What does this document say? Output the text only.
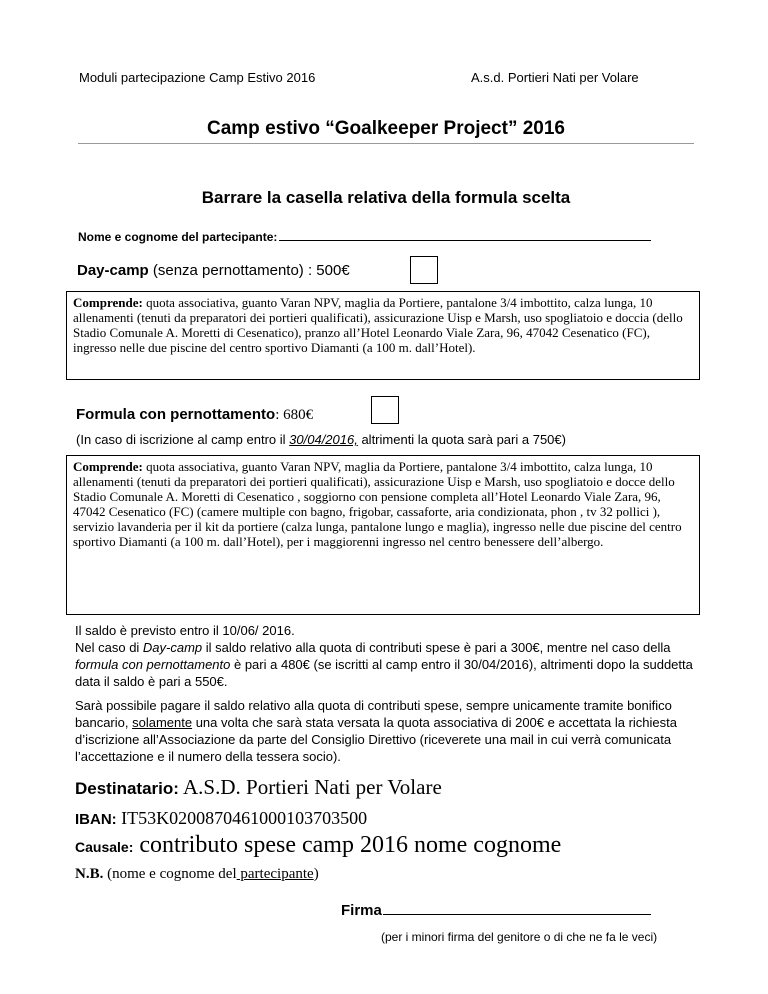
Moduli partecipazione Camp Estivo 2016	A.s.d. Portieri Nati per Volare
Camp estivo “Goalkeeper Project” 2016
Barrare la casella relativa della formula scelta
Nome e cognome del partecipante:
Day-camp (senza pernottamento) : 500€
Comprende: quota associativa, guanto Varan NPV, maglia da Portiere, pantalone 3/4 imbottito, calza lunga, 10 allenamenti (tenuti da preparatori dei portieri qualificati), assicurazione Uisp e Marsh, uso spogliatoio e doccia (dello Stadio Comunale A. Moretti di Cesenatico), pranzo all’Hotel Leonardo Viale Zara, 96, 47042 Cesenatico (FC), ingresso nelle due piscine del centro sportivo Diamanti (a 100 m. dall’Hotel).
Formula con pernottamento: 680€
(In caso di iscrizione al camp entro il 30/04/2016, altrimenti la quota sarà pari a 750€)
Comprende: quota associativa, guanto Varan NPV, maglia da Portiere, pantalone 3/4 imbottito, calza lunga, 10 allenamenti (tenuti da preparatori dei portieri qualificati), assicurazione Uisp e Marsh, uso spogliatoio e docce dello Stadio Comunale A. Moretti di Cesenatico , soggiorno con pensione completa all’Hotel Leonardo Viale Zara, 96, 47042 Cesenatico (FC) (camere multiple con bagno, frigobar, cassaforte, aria condizionata, phon , tv 32 pollici ), servizio lavanderia per il kit da portiere (calza lunga, pantalone lungo e maglia), ingresso nelle due piscine del centro sportivo Diamanti (a 100 m. dall’Hotel), per i maggiorenni ingresso nel centro benessere dell’albergo.
Il saldo è previsto entro il 10/06/ 2016.
Nel caso di Day-camp il saldo relativo alla quota di contributi spese è pari a 300€, mentre nel caso della formula con pernottamento è pari a 480€ (se iscritti al camp entro il 30/04/2016), altrimenti dopo la suddetta data il saldo è pari a 550€.
Sarà possibile pagare il saldo relativo alla quota di contributi spese, sempre unicamente tramite bonifico bancario, solamente una volta che sarà stata versata la quota associativa di 200€ e accettata la richiesta d’iscrizione all’Associazione da parte del Consiglio Direttivo (riceverete una mail in cui verrà comunicata l’accettazione e il numero della tessera socio).
Destinatario: A.S.D. Portieri Nati per Volare
IBAN: IT53K0200870461000103703500
Causale: contributo spese camp 2016 nome cognome
N.B. (nome e cognome del partecipante)
Firma
(per i minori firma del genitore o di che ne fa le veci)
